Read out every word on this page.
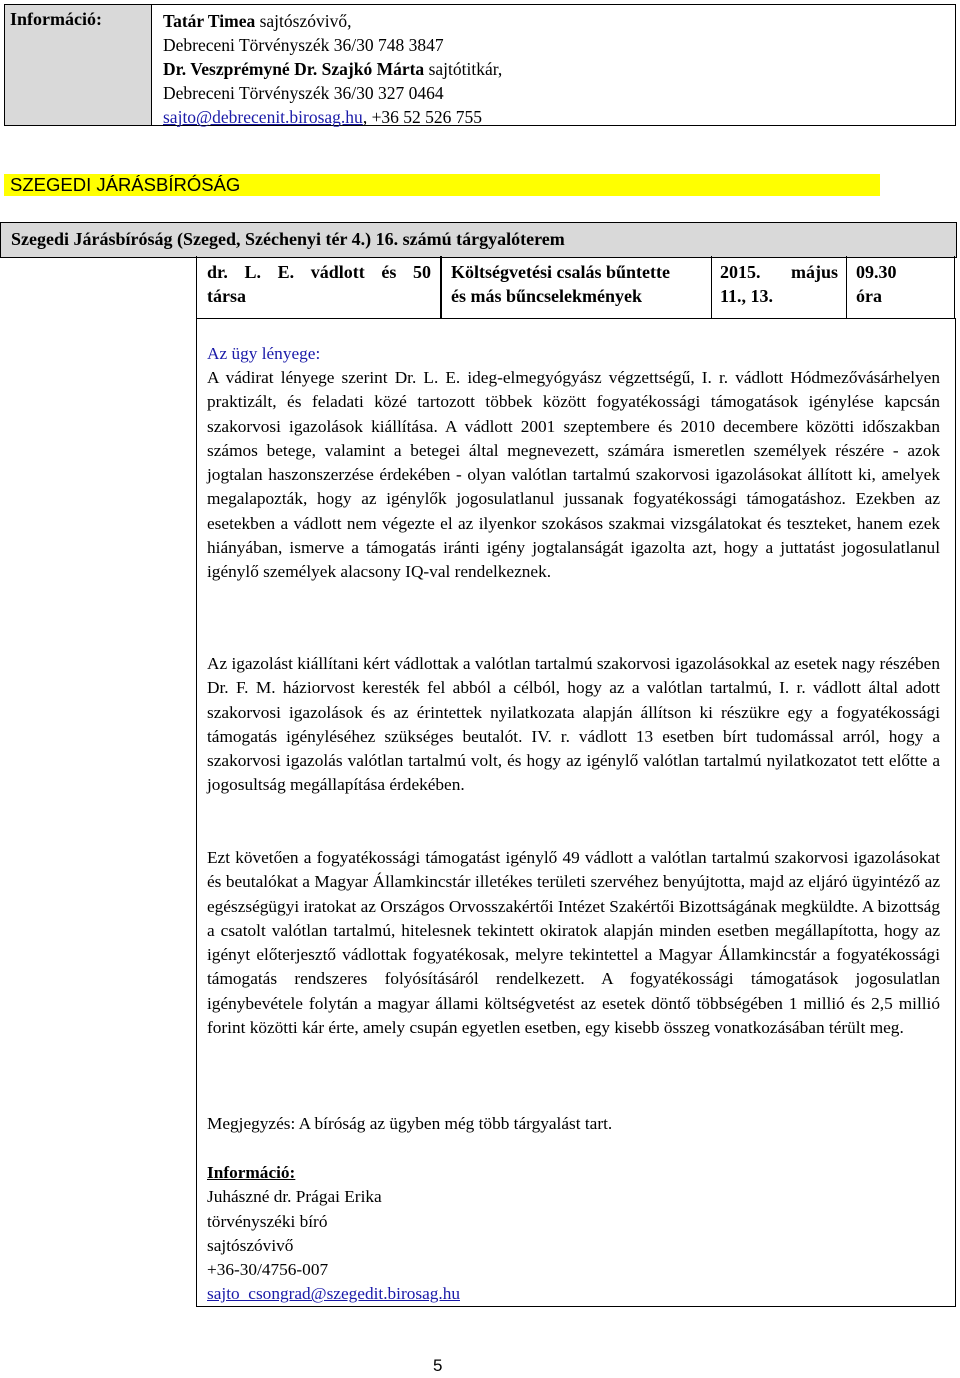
Információ:	Tatár Timea sajtószóvivő,
Debreceni Törvényszék 36/30 748 3847
Dr. Veszprémyné Dr. Szajkó Márta sajtótitkár,
Debreceni Törvényszék 36/30 327 0464
sajto@debrecenit.birosag.hu, +36 52 526 755
SZEGEDI JÁRÁSBÍRÓSÁG
Szegedi Járásbíróság (Szeged, Széchenyi tér 4.) 16. számú tárgyalóterem
dr. L. E. vádlott és 50
társa
Költségvetési csalás bűntette
és más bűncselekmények
2015. május
11., 13.
09.30
óra
Az ügy lényege:
A vádirat lényege szerint Dr. L. E. ideg-elmegyógyász végzettségű, I. r. vádlott Hódmezővásárhelyen praktizált, és feladati közé tartozott többek között fogyatékossági támogatások igénylése kapcsán szakorvosi igazolások kiállítása. A vádlott 2001 szeptembere és 2010 decembere közötti időszakban számos betege, valamint a betegei által megnevezett, számára ismeretlen személyek részére - azok jogtalan haszonszerzése érdekében - olyan valótlan tartalmú szakorvosi igazolásokat állított ki, amelyek megalapozták, hogy az igénylők jogosulatlanul jussanak fogyatékossági támogatáshoz. Ezekben az esetekben a vádlott nem végezte el az ilyenkor szokásos szakmai vizsgálatokat és teszteket, hanem ezek hiányában, ismerve a támogatás iránti igény jogtalanságát igazolta azt, hogy a juttatást jogosulatlanul igénylő személyek alacsony IQ-val rendelkeznek.
Az igazolást kiállítani kért vádlottak a valótlan tartalmú szakorvosi igazolásokkal az esetek nagy részében Dr. F. M. háziorvost keresték fel abból a célból, hogy az a valótlan tartalmú, I. r. vádlott által adott szakorvosi igazolások és az érintettek nyilatkozata alapján állítson ki részükre egy a fogyatékossági támogatás igényléséhez szükséges beutalót. IV. r. vádlott 13 esetben bírt tudomással arról, hogy a szakorvosi igazolás valótlan tartalmú volt, és hogy az igénylő valótlan tartalmú nyilatkozatot tett előtte a jogosultság megállapítása érdekében.
Ezt követően a fogyatékossági támogatást igénylő 49 vádlott a valótlan tartalmú szakorvosi igazolásokat és beutalókat a Magyar Államkincstár illetékes területi szervéhez benyújtotta, majd az eljáró ügyintéző az egészségügyi iratokat az Országos Orvosszakértői Intézet Szakértői Bizottságának megküldte. A bizottság a csatolt valótlan tartalmú, hitelesnek tekintett okiratok alapján minden esetben megállapította, hogy az igényt előterjesztő vádlottak fogyatékosak, melyre tekintettel a Magyar Államkincstár a fogyatékossági támogatás rendszeres folyósításáról rendelkezett. A fogyatékossági támogatások jogosulatlan igénybevétele folytán a magyar állami költségvetést az esetek döntő többségében 1 millió és 2,5 millió forint közötti kár érte, amely csupán egyetlen esetben, egy kisebb összeg vonatkozásában térült meg.
Megjegyzés: A bíróság az ügyben még több tárgyalást tart.
Információ:
Juhászné dr. Prágai Erika
törvényszéki bíró
sajtószóvivő
+36-30/4756-007
sajto_csongrad@szegedit.birosag.hu
5
